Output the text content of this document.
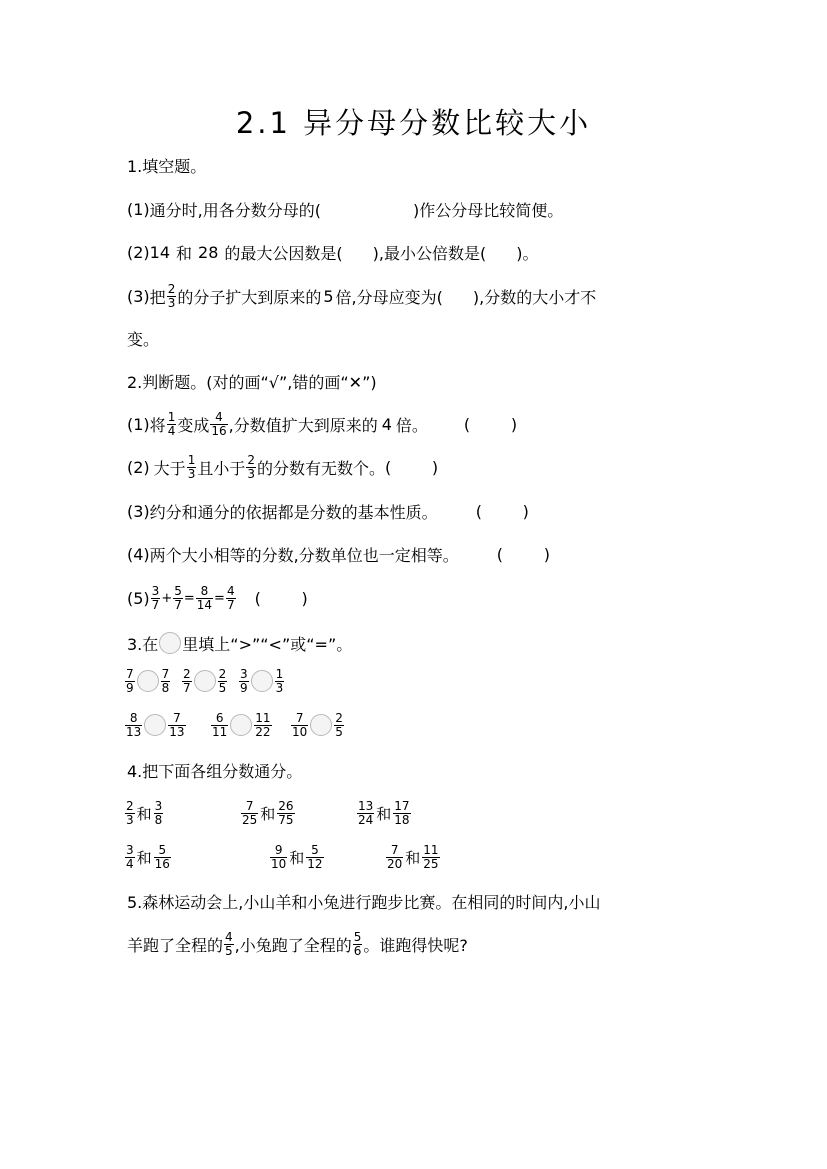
2.1 异分母分数比较大小
1.填空题。
(1) 通分时,用各分数分母的(	)作公分母比较简便。
(2) 14 和 28 的最大公因数是( ),最小公倍数是( )。
(3) 把 $\frac{2}{3}$ 的分子扩大到原来的 5 倍,分母应变为( ),分数的大小才不
变。
2.判断题。(对的画“√”,错的画“✕”)
(1) 将 $\frac{1}{4}$ 变成 $\frac{4}{16}$ ,分数值扩大到原来的 4 倍。 (        )
(2) 大于 $\frac{1}{3}$ 且小于 $\frac{2}{3}$ 的分数有无数个。 (        )
(3) 约分和通分的依据都是分数的基本性质。 (        )
(4) 两个大小相等的分数,分数单位也一定相等。 (        )
$(5) \frac{3}{7} + \frac{5}{7} = \frac{8}{14} = \frac{4}{7}$ (        )
3.在 里填上“>”“<”或“=”。
$\frac{7}{9} \frac{7}{8} \frac{2}{7} \frac{2}{5} \frac{3}{9} \frac{1}{3}$
$\frac{8}{13} \frac{7}{13} \frac{6}{11} \frac{11}{22} \frac{7}{10} \frac{2}{5}$
4.把下面各组分数通分。
$\frac{2}{3}$ 和 $\frac{3}{8}$	$\frac{7}{25}$ 和 $\frac{26}{75}$	$\frac{13}{24}$ 和 $\frac{17}{18}$
$\frac{3}{4}$ 和 $\frac{5}{16}$	$\frac{9}{10}$ 和 $\frac{5}{12}$	$\frac{7}{20}$ 和 $\frac{11}{25}$
5.森林运动会上,小山羊和小兔进行跑步比赛。在相同的时间内,小山
羊跑了全程的 $\frac{4}{5}$ ,小兔跑了全程的 $\frac{5}{6}$ 。谁跑得快呢?
